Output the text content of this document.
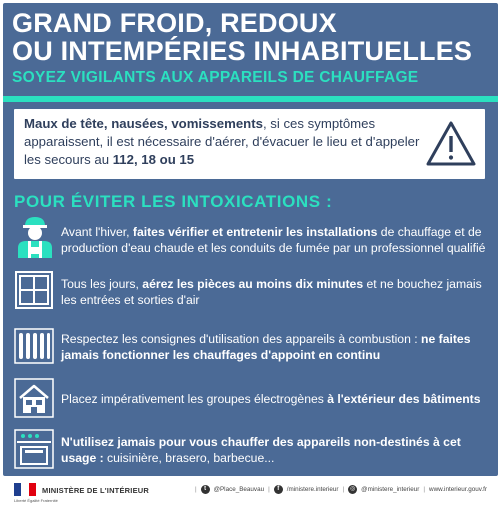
GRAND FROID, REDOUX
OU INTEMPÉRIES INHABITUELLES
SOYEZ VIGILANTS AUX APPAREILS DE CHAUFFAGE
Maux de tête, nausées, vomissements, si ces symptômes apparaissent, il est nécessaire d'aérer, d'évacuer le lieu et d'appeler les secours au 112, 18 ou 15
POUR ÉVITER LES INTOXICATIONS :
Avant l'hiver, faites vérifier et entretenir les installations de chauffage et de production d'eau chaude et les conduits de fumée par un professionnel qualifié
Tous les jours, aérez les pièces au moins dix minutes et ne bouchez jamais les entrées et sorties d'air
Respectez les consignes d'utilisation des appareils à combustion : ne faites jamais fonctionner les chauffages d'appoint en continu
Placez impérativement les groupes électrogènes à l'extérieur des bâtiments
N'utilisez jamais pour vous chauffer des appareils non-destinés à cet usage : cuisinière, brasero, barbecue...
Liberté Égalité Fraternité
MINISTÈRE DE L'INTÉRIEUR	|	t	@Place_Beauvau |	f	/ministere.interieur | ◎ @ministere_interieur | www.interieur.gouv.fr
